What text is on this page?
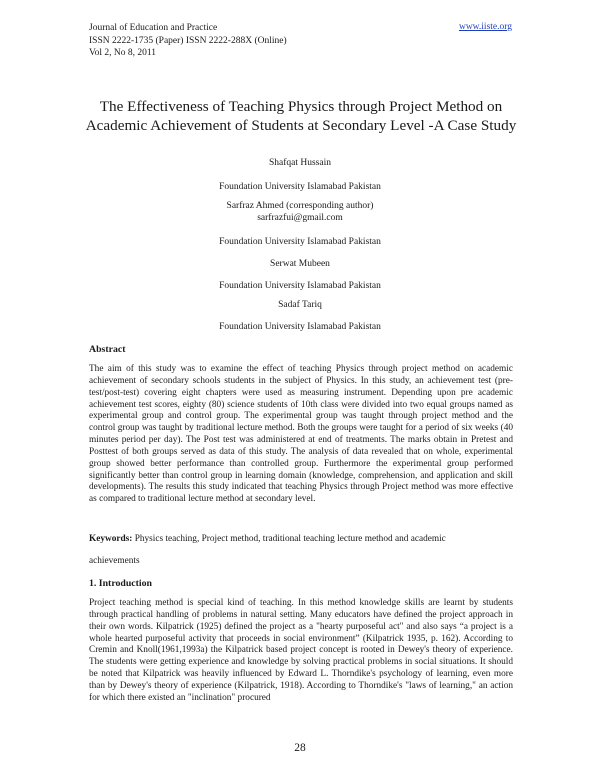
Journal of Education and Practice
ISSN 2222-1735 (Paper) ISSN 2222-288X (Online)
Vol 2, No 8, 2011
www.iiste.org
The Effectiveness of Teaching Physics through Project Method on Academic Achievement of Students at Secondary Level -A Case Study
Shafqat Hussain
Foundation University Islamabad Pakistan
Sarfraz Ahmed (corresponding author)
sarfrazfui@gmail.com
Foundation University Islamabad Pakistan
Serwat Mubeen
Foundation University Islamabad Pakistan
Sadaf Tariq
Foundation University Islamabad Pakistan
Abstract
The aim of this study was to examine the effect of teaching Physics through project method on academic achievement of secondary schools students in the subject of Physics. In this study, an achievement test (pre-test/post-test) covering eight chapters were used as measuring instrument. Depending upon pre academic achievement test scores, eighty (80) science students of 10th class were divided into two equal groups named as experimental group and control group. The experimental group was taught through project method and the control group was taught by traditional lecture method. Both the groups were taught for a period of six weeks (40 minutes period per day). The Post test was administered at end of treatments. The marks obtain in Pretest and Posttest of both groups served as data of this study. The analysis of data revealed that on whole, experimental group showed better performance than controlled group. Furthermore the experimental group performed significantly better than control group in learning domain (knowledge, comprehension, and application and skill developments). The results this study indicated that teaching Physics through Project method was more effective as compared to traditional lecture method at secondary level.
Keywords: Physics teaching, Project method, traditional teaching lecture method and academic
achievements
1. Introduction
Project teaching method is special kind of teaching. In this method knowledge skills are learnt by students through practical handling of problems in natural setting. Many educators have defined the project approach in their own words. Kilpatrick (1925) defined the project as a "hearty purposeful act" and also says “a project is a whole hearted purposeful activity that proceeds in social environment” (Kilpatrick 1935, p. 162). According to Cremin and Knoll(1961,1993a) the Kilpatrick based project concept is rooted in Dewey's theory of experience. The students were getting experience and knowledge by solving practical problems in social situations. It should be noted that Kilpatrick was heavily influenced by Edward L. Thorndike's psychology of learning, even more than by Dewey's theory of experience (Kilpatrick, 1918). According to Thorndike's "laws of learning," an action for which there existed an "inclination" procured
28
